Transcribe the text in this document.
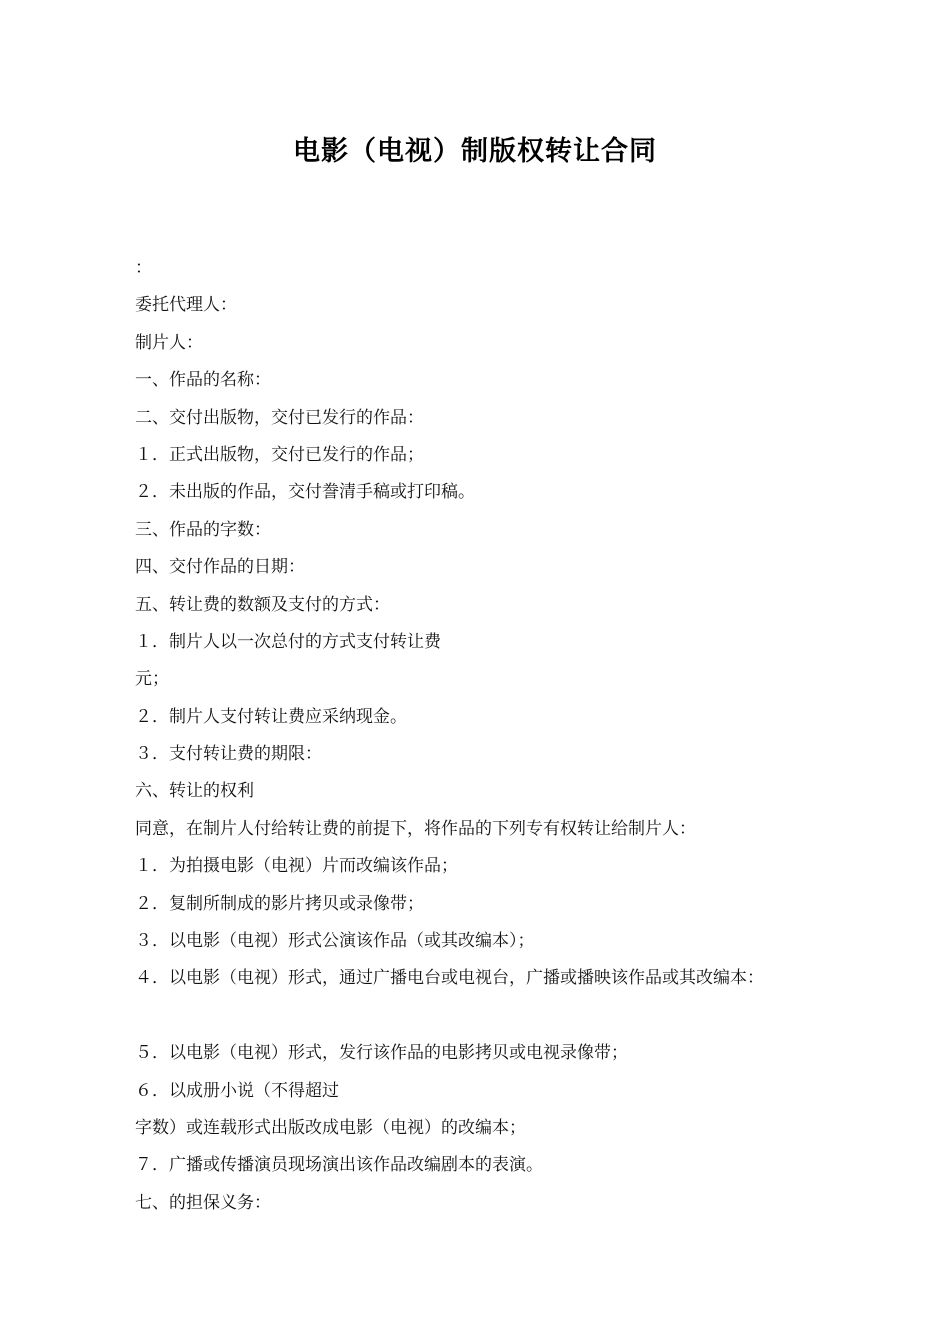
电影（电视）制版权转让合同
：
委托代理人：
制片人：
一、作品的名称：
二、交付出版物，交付已发行的作品：
１．正式出版物，交付已发行的作品；
２．未出版的作品，交付誊清手稿或打印稿。
三、作品的字数：
四、交付作品的日期：
五、转让费的数额及支付的方式：
１．制片人以一次总付的方式支付转让费
元；
２．制片人支付转让费应采纳现金。
３．支付转让费的期限：
六、转让的权利
同意，在制片人付给转让费的前提下，将作品的下列专有权转让给制片人：
１．为拍摄电影（电视）片而改编该作品；
２．复制所制成的影片拷贝或录像带；
３．以电影（电视）形式公演该作品（或其改编本）；
４．以电影（电视）形式，通过广播电台或电视台，广播或播映该作品或其改编本：
５．以电影（电视）形式，发行该作品的电影拷贝或电视录像带；
６．以成册小说（不得超过
字数）或连载形式出版改成电影（电视）的改编本；
７．广播或传播演员现场演出该作品改编剧本的表演。
七、的担保义务：
